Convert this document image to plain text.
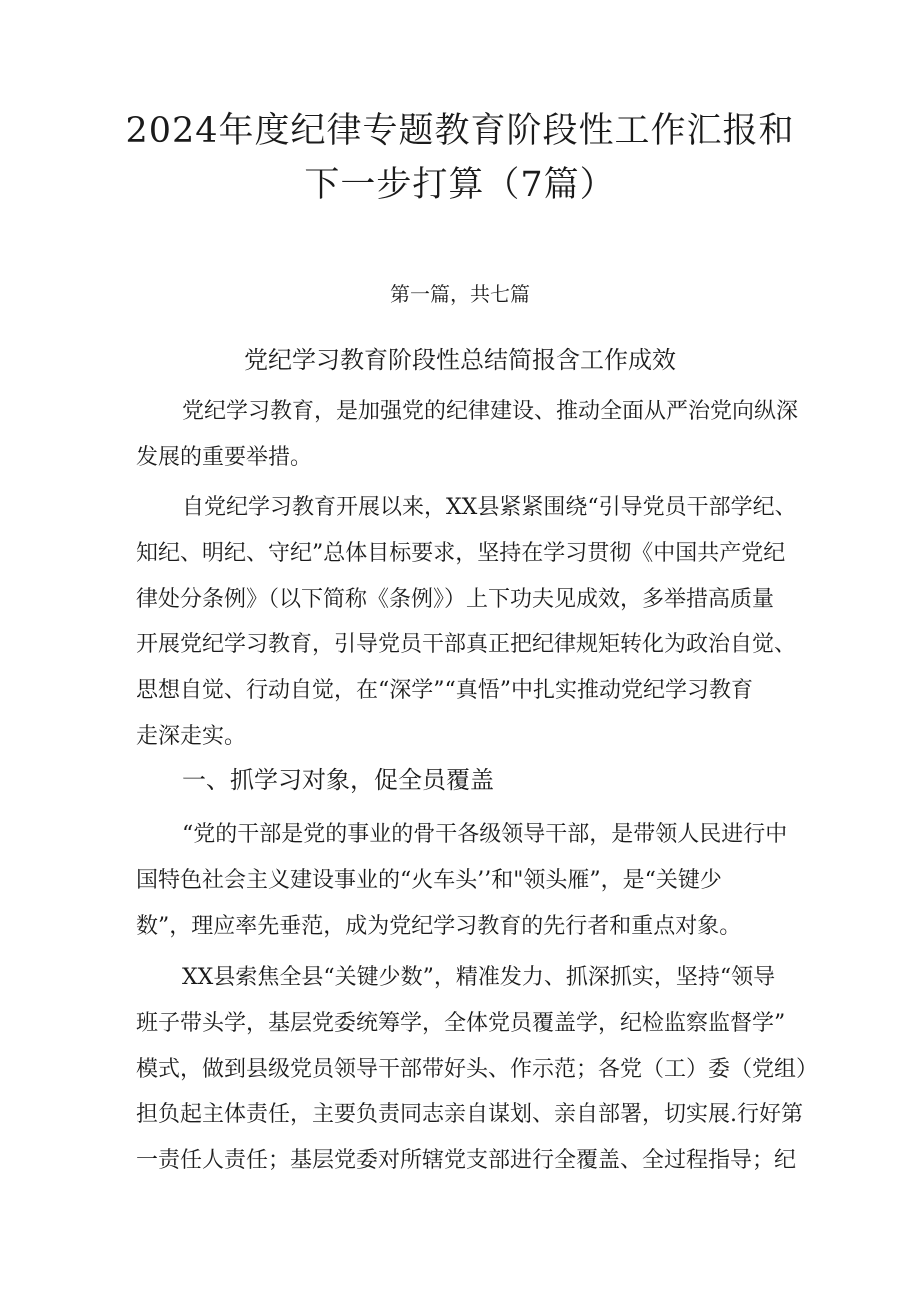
2024年度纪律专题教育阶段性工作汇报和
下一步打算（7篇）
第一篇，共七篇
党纪学习教育阶段性总结简报含工作成效

党纪学习教育，是加强党的纪律建设、推动全面从严治党向纵深
发展的重要举措。

自党纪学习教育开展以来，XX县紧紧围绕“引导党员干部学纪、
知纪、明纪、守纪”总体目标要求，坚持在学习贯彻《中国共产党纪
律处分条例》（以下简称《条例》）上下功夫见成效，多举措高质量
开展党纪学习教育，引导党员干部真正把纪律规矩转化为政治自觉、
思想自觉、行动自觉，在“深学”“真悟”中扎实推动党纪学习教育
走深走实。

一、抓学习对象，促全员覆盖

“党的干部是党的事业的骨干各级领导干部，是带领人民进行中
国特色社会主义建设事业的“火车头’’和"领头雁”，是“关键少
数”，理应率先垂范，成为党纪学习教育的先行者和重点对象。

XX县索焦全县“关键少数”，精准发力、抓深抓实，坚持“领导
班子带头学，基层党委统筹学，全体党员覆盖学，纪检监察监督学”
模式，做到县级党员领导干部带好头、作示范；各党（工）委（党组）
担负起主体责任，主要负责同志亲自谋划、亲自部署，切实展.行好第
一责任人责任；基层党委对所辖党支部进行全覆盖、全过程指导；纪
